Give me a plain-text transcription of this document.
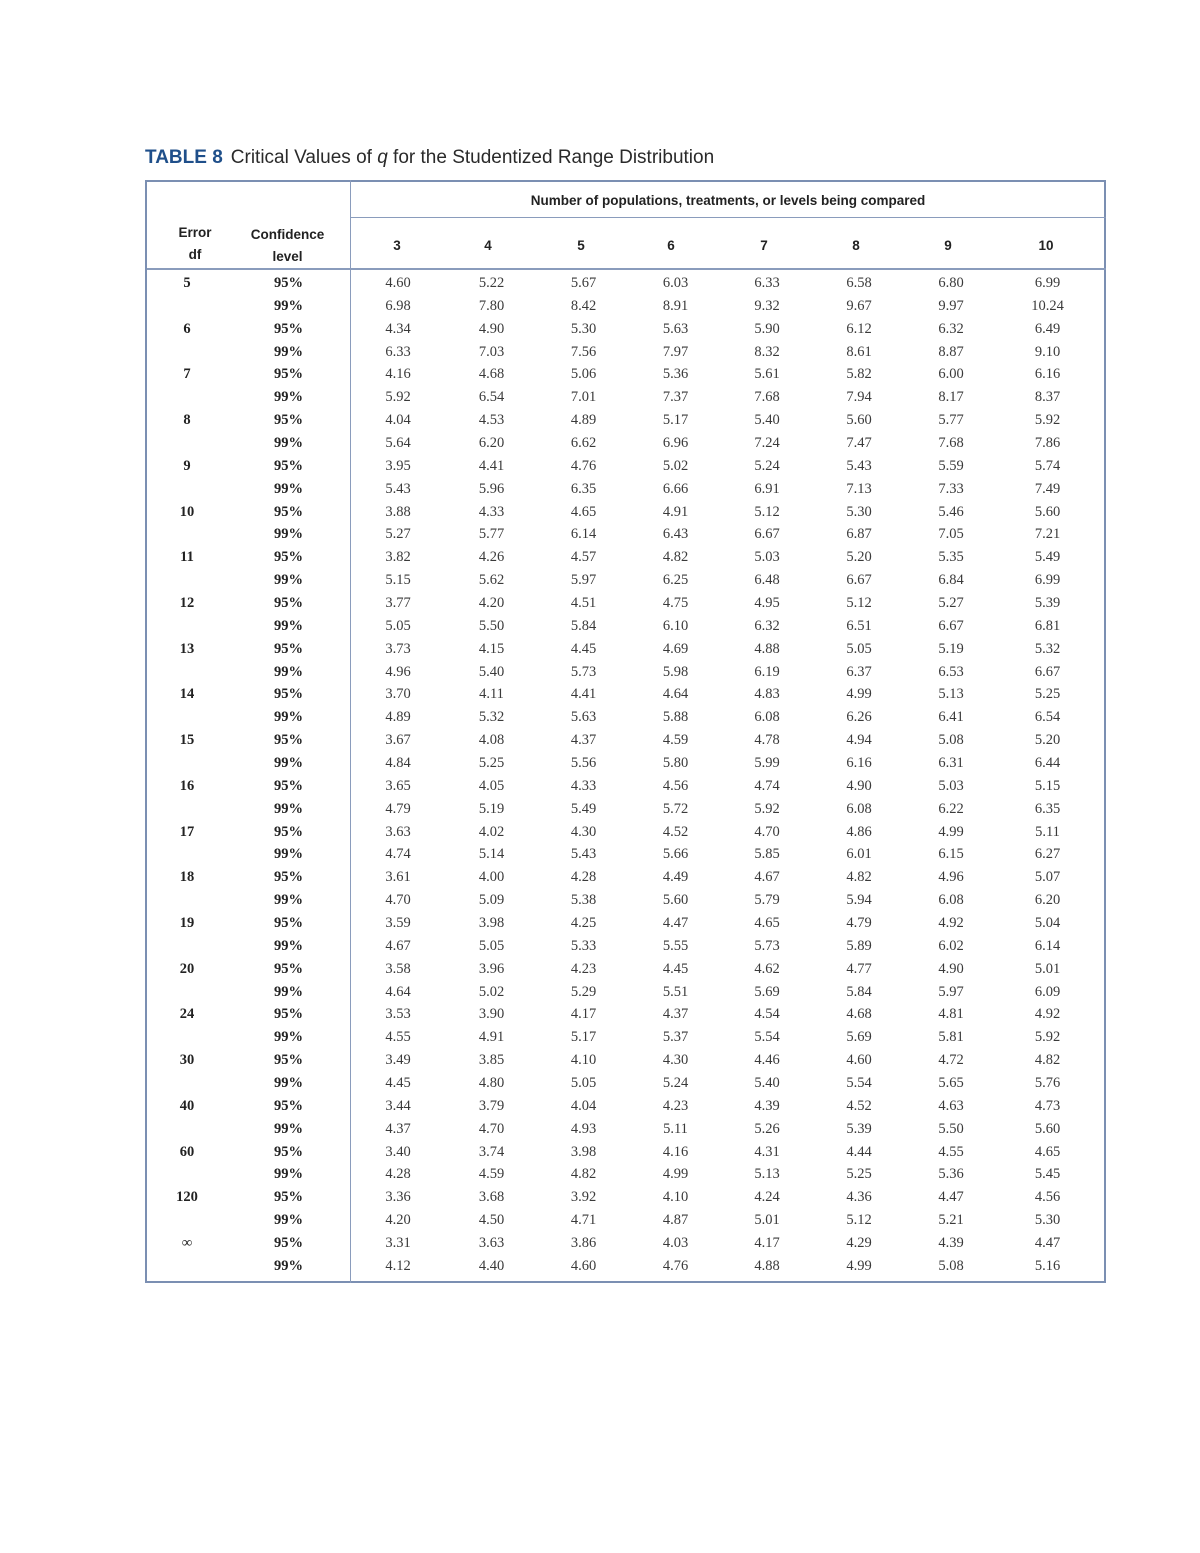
TABLE 8 Critical Values of q for the Studentized Range Distribution
Number of populations, treatments, or levels being compared
Error
df
Confidence
level
3	4	5	6	7	8	9	10
5	95%	4.60	5.22	5.67	6.03	6.33	6.58	6.80	6.99
	99%	6.98	7.80	8.42	8.91	9.32	9.67	9.97	10.24
6	95%	4.34	4.90	5.30	5.63	5.90	6.12	6.32	6.49
	99%	6.33	7.03	7.56	7.97	8.32	8.61	8.87	9.10
7	95%	4.16	4.68	5.06	5.36	5.61	5.82	6.00	6.16
	99%	5.92	6.54	7.01	7.37	7.68	7.94	8.17	8.37
8	95%	4.04	4.53	4.89	5.17	5.40	5.60	5.77	5.92
	99%	5.64	6.20	6.62	6.96	7.24	7.47	7.68	7.86
9	95%	3.95	4.41	4.76	5.02	5.24	5.43	5.59	5.74
	99%	5.43	5.96	6.35	6.66	6.91	7.13	7.33	7.49
10	95%	3.88	4.33	4.65	4.91	5.12	5.30	5.46	5.60
	99%	5.27	5.77	6.14	6.43	6.67	6.87	7.05	7.21
11	95%	3.82	4.26	4.57	4.82	5.03	5.20	5.35	5.49
	99%	5.15	5.62	5.97	6.25	6.48	6.67	6.84	6.99
12	95%	3.77	4.20	4.51	4.75	4.95	5.12	5.27	5.39
	99%	5.05	5.50	5.84	6.10	6.32	6.51	6.67	6.81
13	95%	3.73	4.15	4.45	4.69	4.88	5.05	5.19	5.32
	99%	4.96	5.40	5.73	5.98	6.19	6.37	6.53	6.67
14	95%	3.70	4.11	4.41	4.64	4.83	4.99	5.13	5.25
	99%	4.89	5.32	5.63	5.88	6.08	6.26	6.41	6.54
15	95%	3.67	4.08	4.37	4.59	4.78	4.94	5.08	5.20
	99%	4.84	5.25	5.56	5.80	5.99	6.16	6.31	6.44
16	95%	3.65	4.05	4.33	4.56	4.74	4.90	5.03	5.15
	99%	4.79	5.19	5.49	5.72	5.92	6.08	6.22	6.35
17	95%	3.63	4.02	4.30	4.52	4.70	4.86	4.99	5.11
	99%	4.74	5.14	5.43	5.66	5.85	6.01	6.15	6.27
18	95%	3.61	4.00	4.28	4.49	4.67	4.82	4.96	5.07
	99%	4.70	5.09	5.38	5.60	5.79	5.94	6.08	6.20
19	95%	3.59	3.98	4.25	4.47	4.65	4.79	4.92	5.04
	99%	4.67	5.05	5.33	5.55	5.73	5.89	6.02	6.14
20	95%	3.58	3.96	4.23	4.45	4.62	4.77	4.90	5.01
	99%	4.64	5.02	5.29	5.51	5.69	5.84	5.97	6.09
24	95%	3.53	3.90	4.17	4.37	4.54	4.68	4.81	4.92
	99%	4.55	4.91	5.17	5.37	5.54	5.69	5.81	5.92
30	95%	3.49	3.85	4.10	4.30	4.46	4.60	4.72	4.82
	99%	4.45	4.80	5.05	5.24	5.40	5.54	5.65	5.76
40	95%	3.44	3.79	4.04	4.23	4.39	4.52	4.63	4.73
	99%	4.37	4.70	4.93	5.11	5.26	5.39	5.50	5.60
60	95%	3.40	3.74	3.98	4.16	4.31	4.44	4.55	4.65
	99%	4.28	4.59	4.82	4.99	5.13	5.25	5.36	5.45
120	95%	3.36	3.68	3.92	4.10	4.24	4.36	4.47	4.56
	99%	4.20	4.50	4.71	4.87	5.01	5.12	5.21	5.30
∞	95%	3.31	3.63	3.86	4.03	4.17	4.29	4.39	4.47
	99%	4.12	4.40	4.60	4.76	4.88	4.99	5.08	5.16
